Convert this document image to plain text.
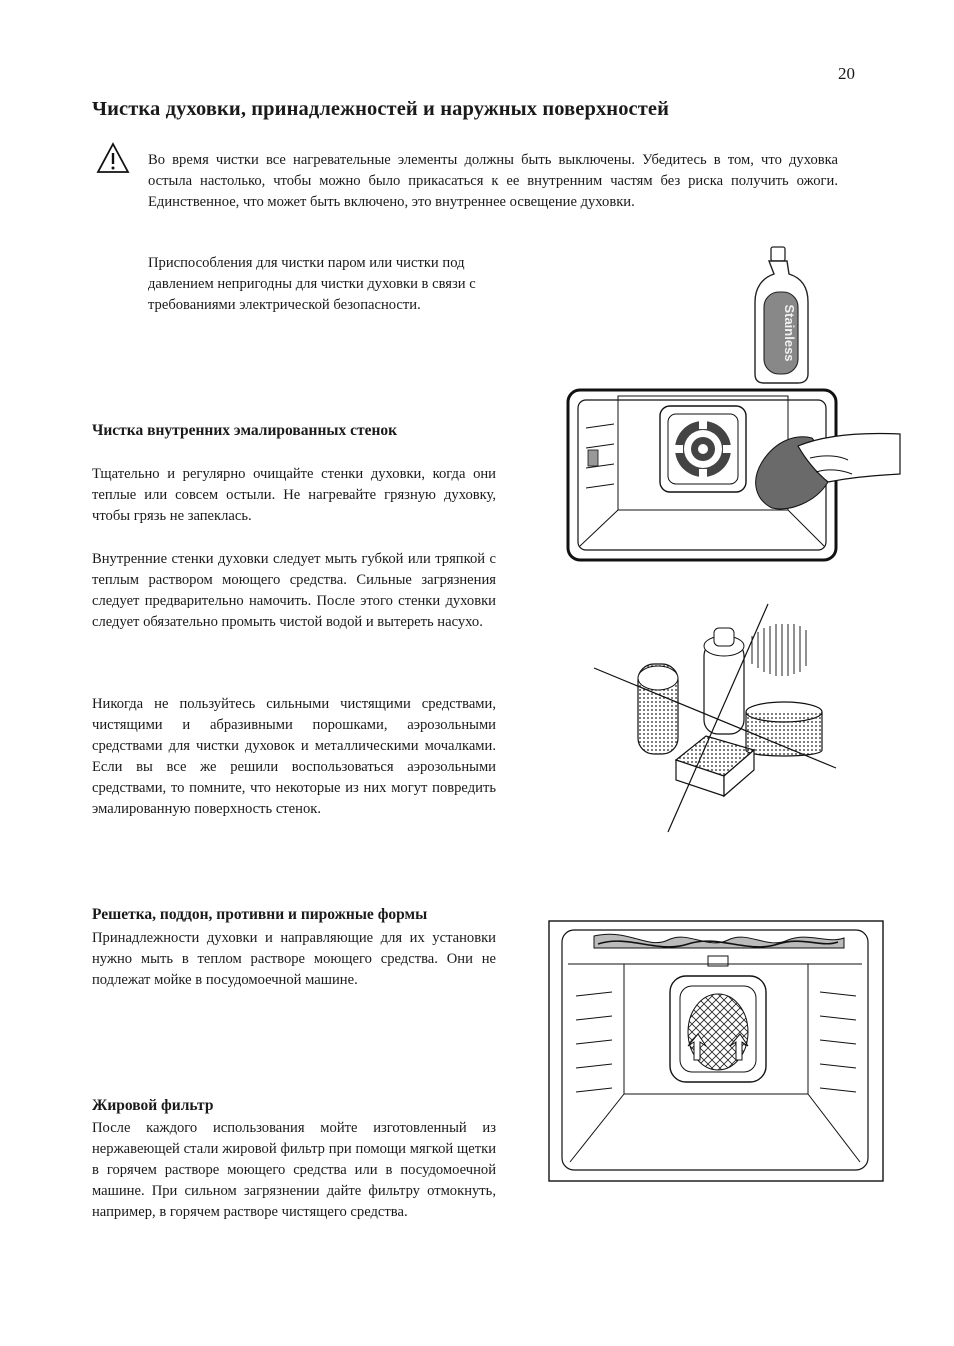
20
Чистка духовки, принадлежностей и наружных поверхностей
Во время чистки все нагревательные элементы должны быть выключены. Убедитесь в том, что духовка остыла настолько, чтобы можно было прикасаться к ее внутренним частям без риска получить ожоги. Единственное, что может быть включено, это внутреннее освещение духовки.
Приспособления для чистки паром или чистки под давлением непригодны для чистки духовки в связи с требованиями электрической безопасности.	Stainless
Чистка внутренних эмалированных стенок
Тщательно и регулярно очищайте стенки духовки, когда они теплые или совсем остыли. Не нагревайте грязную духовку, чтобы грязь не запеклась.
Внутренние стенки духовки следует мыть губкой или тряпкой с теплым раствором моющего средства. Сильные загрязнения следует предварительно намочить. После этого стенки духовки следует обязательно промыть чистой водой и вытереть насухо.
Никогда не пользуйтесь сильными чистящими средствами, чистящими и абразивными порошками, аэрозольными средствами для чистки духовок и металлическими мочалками. Если вы все же решили воспользоваться аэрозольными средствами, то помните, что некоторые из них могут повредить эмалированную поверхность стенок.
Решетка, поддон, противни и пирожные формы
Принадлежности духовки и направляющие для их установки нужно мыть в теплом растворе моющего средства. Они не подлежат мойке в посудомоечной машине.
Жировой фильтр
После каждого использования мойте изготовленный из нержавеющей стали жировой фильтр при помощи мягкой щетки в горячем растворе моющего средства или в посудомоечной машине. При сильном загрязнении дайте фильтру отмокнуть, например, в горячем растворе чистящего средства.
